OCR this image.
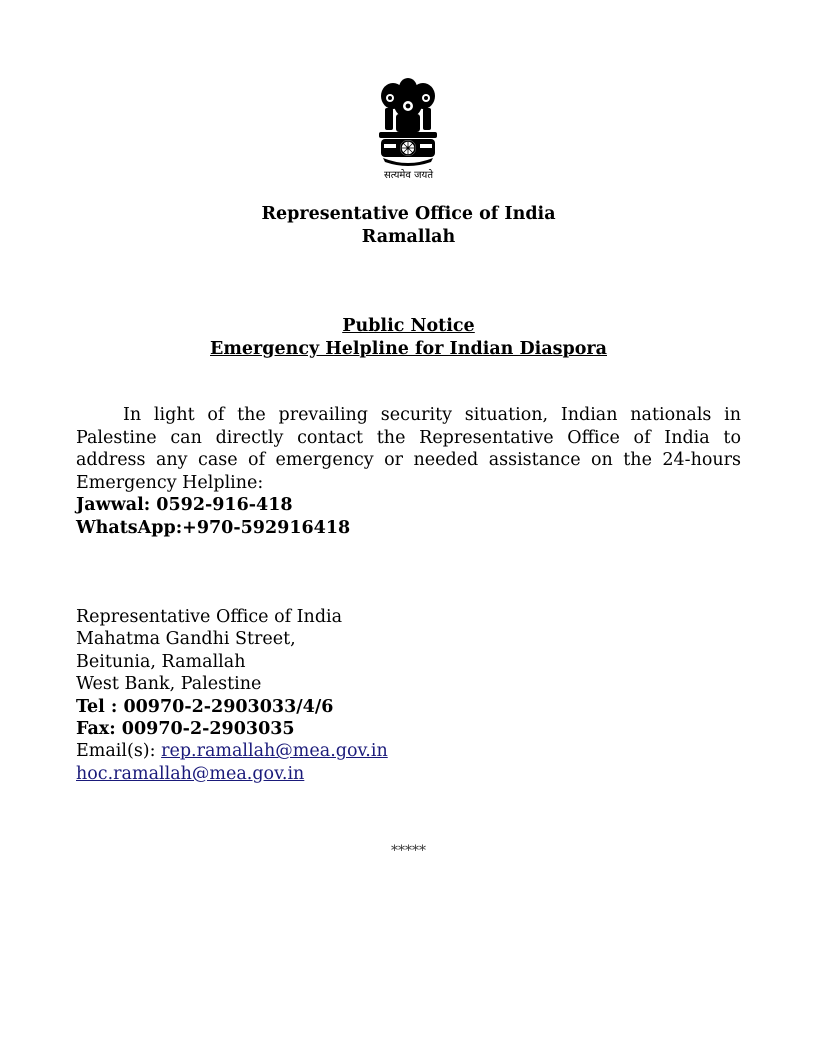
सत्यमेव जयते
Representative Office of India
Ramallah
Public Notice
Emergency Helpline for Indian Diaspora

In light of the prevailing security situation, Indian nationals in Palestine can directly contact the Representative Office of India to address any case of emergency or needed assistance on the 24-hours Emergency Helpline:

Jawwal: 0592-916-418
WhatsApp:+970-592916418
Representative Office of India
Mahatma Gandhi Street,
Beitunia, Ramallah
West Bank, Palestine
Tel : 00970-2-2903033/4/6
Fax: 00970-2-2903035
Email(s): rep.ramallah@mea.gov.in
hoc.ramallah@mea.gov.in
*****
